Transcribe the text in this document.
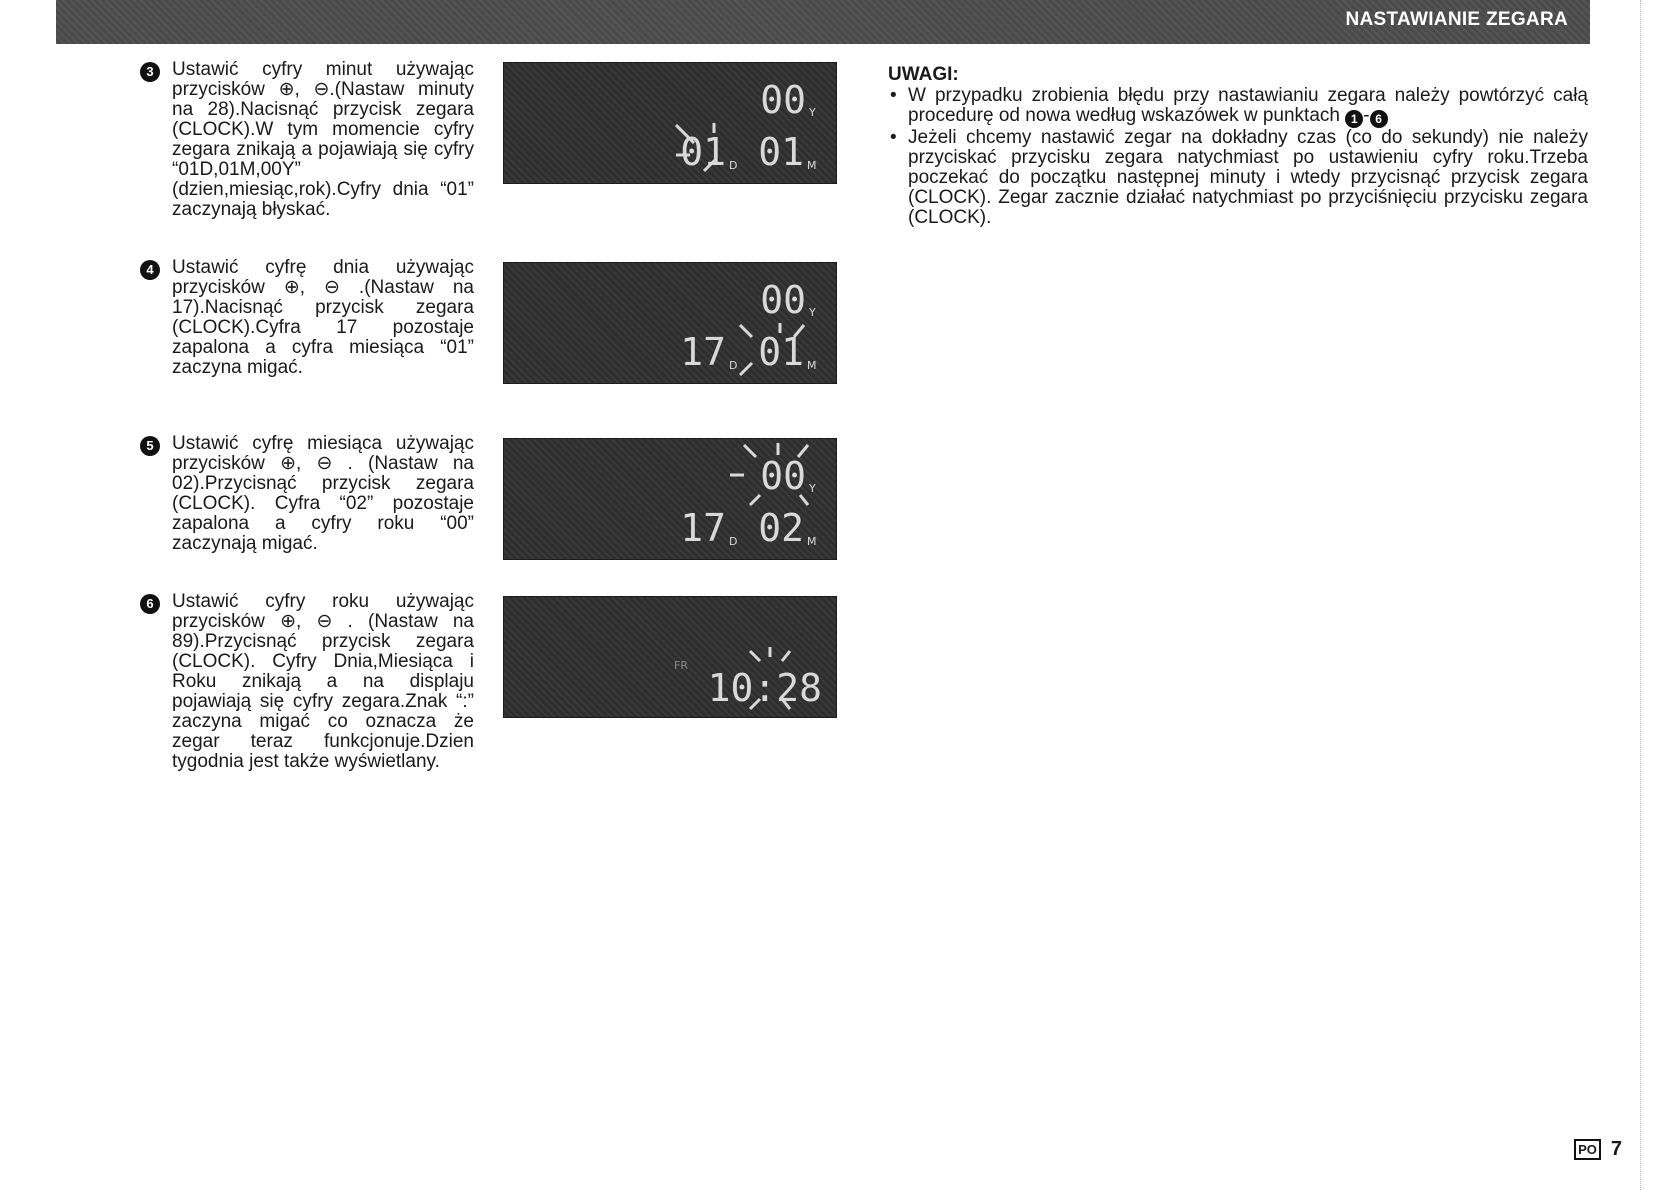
NASTAWIANIE ZEGARA
3 Ustawić cyfry minut używając przycisków ⊕, ⊖.(Nastaw minuty na 28).Nacisnąć przycisk zegara (CLOCK).W tym momencie cyfry zegara znikają a pojawiają się cyfry “01D,01M,00Y” (dzien,miesiąc,rok).Cyfry dnia “01” zaczynają błyskać.
00 Y
01 D 01 M
4 Ustawić cyfrę dnia używając przycisków ⊕, ⊖ .(Nastaw na 17).Nacisnąć przycisk zegara (CLOCK).Cyfra 17 pozostaje zapalona a cyfra miesiąca “01” zaczyna migać.
00 Y
17 D 01 M
5 Ustawić cyfrę miesiąca używając przycisków ⊕, ⊖ . (Nastaw na 02).Przycisnąć przycisk zegara (CLOCK). Cyfra “02” pozostaje zapalona a cyfry roku “00” zaczynają migać.
00 Y
17 D 02 M
6 Ustawić cyfry roku używając przycisków ⊕, ⊖ . (Nastaw na 89).Przycisnąć przycisk zegara (CLOCK). Cyfry Dnia,Miesiąca i Roku znikają a na displaju pojawiają się cyfry zegara.Znak “:” zaczyna migać co oznacza że zegar teraz funkcjonuje.Dzien tygodnia jest także wyświetlany.
FR
10:28
UWAGI:
• W przypadku zrobienia błędu przy nastawianiu zegara należy powtórzyć całą procedurę od nowa według wskazówek w punktach 1 - 6
• Jeżeli chcemy nastawić zegar na dokładny czas (co do sekundy) nie należy przyciskać przycisku zegara natychmiast po ustawieniu cyfry roku.Trzeba poczekać do początku następnej minuty i wtedy przycisnąć przycisk zegara (CLOCK). Zegar zacznie działać natychmiast po przyciśnięciu przycisku zegara (CLOCK).
PO 7
